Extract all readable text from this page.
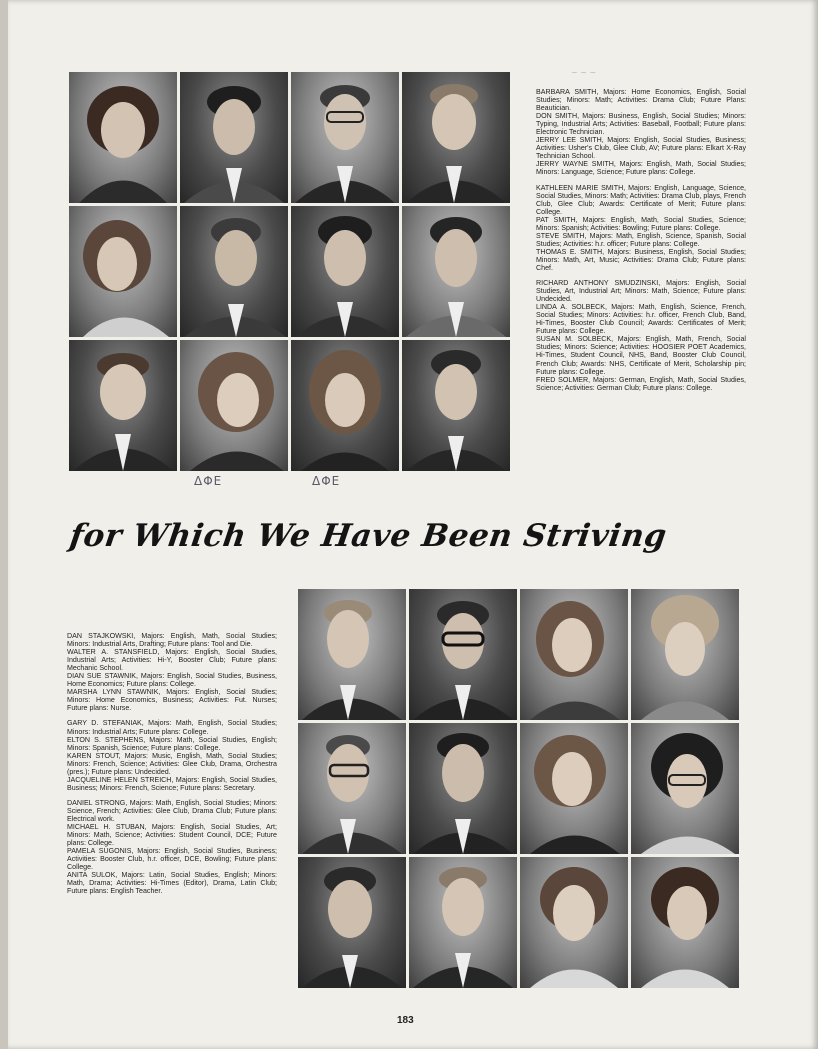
~ ~ ~
BARBARA SMITH, Majors: Home Economics, English, Social Studies; Minors: Math; Activities: Drama Club; Future Plans: Beautician.
DON SMITH, Majors: Business, English, Social Studies; Minors: Typing, Industrial Arts; Activities: Baseball, Football; Future plans: Electronic Technician.
JERRY LEE SMITH, Majors: English, Social Studies, Business; Activities: Usher's Club, Glee Club, AV; Future plans: Elkart X-Ray Technician School.
JERRY WAYNE SMITH, Majors: English, Math, Social Studies; Minors: Language, Science; Future plans: College.
KATHLEEN MARIE SMITH, Majors: English, Language, Science, Social Studies, Minors: Math; Activities: Drama Club, plays, French Club, Glee Club; Awards: Certificate of Merit; Future plans: College.
PAT SMITH, Majors: English, Math, Social Studies, Science; Minors: Spanish; Activities: Bowling; Future plans: College.
STEVE SMITH, Majors: Math, English, Science, Spanish, Social Studies; Activities: h.r. officer; Future plans: College.
THOMAS E. SMITH, Majors: Business, English, Social Studies; Minors: Math, Art, Music; Activities: Drama Club; Future plans: Chef.
RICHARD ANTHONY SMUDZINSKI, Majors: English, Social Studies, Art, Industrial Art; Minors: Math, Science; Future plans: Undecided.
LINDA A. SOLBECK, Majors: Math, English, Science, French, Social Studies; Minors: Activities: h.r. officer, French Club, Band, Hi-Times, Booster Club Council; Awards: Certificates of Merit; Future plans: College.
SUSAN M. SOLBECK, Majors: English, Math, French, Social Studies; Minors: Science; Activities: HOOSIER POET Academics, Hi-Times, Student Council, NHS, Band, Booster Club Council, French Club; Awards: NHS, Certificate of Merit, Scholarship pin; Future plans: College.
FRED SOLMER, Majors: German, English, Math, Social Studies, Science; Activities: German Club; Future plans: College.
ΔΦE	ΔΦE
for Which We Have Been Striving
DAN STAJKOWSKI, Majors: English, Math, Social Studies; Minors: Industrial Arts, Drafting; Future plans: Tool and Die.
WALTER A. STANSFIELD, Majors: English, Social Studies, Industrial Arts; Activities: Hi-Y, Booster Club; Future plans: Mechanic School.
DIAN SUE STAWNIK, Majors: English, Social Studies, Business, Home Economics; Future plans: College.
MARSHA LYNN STAWNIK, Majors: English, Social Studies; Minors: Home Economics, Business; Activities: Fut. Nurses; Future plans: Nurse.
GARY D. STEFANIAK, Majors: Math, English, Social Studies; Minors: Industrial Arts; Future plans: College.
ELTON S. STEPHENS, Majors: Math, Social Studies, English; Minors: Spanish, Science; Future plans: College.
KAREN STOUT, Majors: Music, English, Math, Social Studies; Minors: French, Science; Activities: Glee Club, Drama, Orchestra (pres.); Future plans: Undecided.
JACQUELINE HELEN STREICH, Majors: English, Social Studies, Business; Minors: French, Science; Future plans: Secretary.
DANIEL STRONG, Majors: Math, English, Social Studies; Minors: Science, French; Activities: Glee Club, Drama Club; Future plans: Electrical work.
MICHAEL H. STUBAN, Majors: English, Social Studies, Art; Minors: Math, Science; Activities: Student Council, DCE; Future plans: College.
PAMELA SUGONIS, Majors: English, Social Studies, Business; Activities: Booster Club, h.r. officer, DCE, Bowling; Future plans: College.
ANITA SULOK, Majors: Latin, Social Studies, English; Minors: Math, Drama; Activities: Hi-Times (Editor), Drama, Latin Club; Future plans: English Teacher.
183
